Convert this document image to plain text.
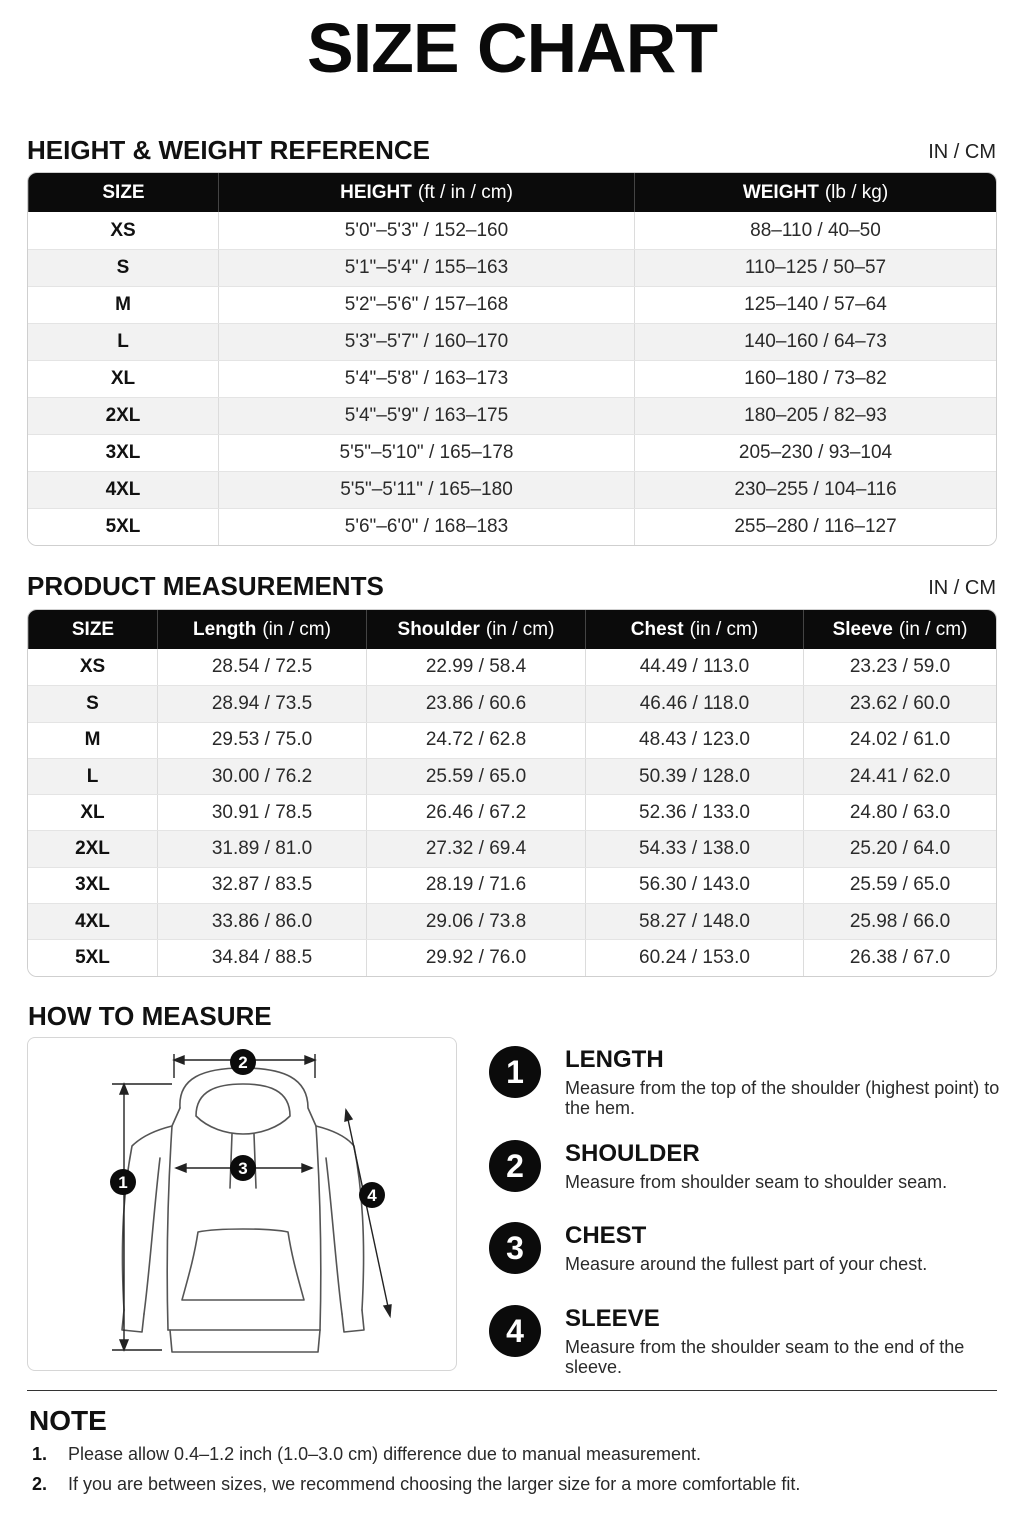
SIZE CHART
HEIGHT & WEIGHT REFERENCE	IN / CM
SIZE	HEIGHT (ft / in / cm)	WEIGHT (lb / kg)
XS	5'0"–5'3" / 152–160	88–110 / 40–50
S	5'1"–5'4" / 155–163	110–125 / 50–57
M	5'2"–5'6" / 157–168	125–140 / 57–64
L	5'3"–5'7" / 160–170	140–160 / 64–73
XL	5'4"–5'8" / 163–173	160–180 / 73–82
2XL	5'4"–5'9" / 163–175	180–205 / 82–93
3XL	5'5"–5'10" / 165–178	205–230 / 93–104
4XL	5'5"–5'11" / 165–180	230–255 / 104–116
5XL	5'6"–6'0" / 168–183	255–280 / 116–127
PRODUCT MEASUREMENTS	IN / CM
SIZE	Length (in / cm)	Shoulder (in / cm)	Chest (in / cm)	Sleeve (in / cm)
XS	28.54 / 72.5	22.99 / 58.4	44.49 / 113.0	23.23 / 59.0
S	28.94 / 73.5	23.86 / 60.6	46.46 / 118.0	23.62 / 60.0
M	29.53 / 75.0	24.72 / 62.8	48.43 / 123.0	24.02 / 61.0
L	30.00 / 76.2	25.59 / 65.0	50.39 / 128.0	24.41 / 62.0
XL	30.91 / 78.5	26.46 / 67.2	52.36 / 133.0	24.80 / 63.0
2XL	31.89 / 81.0	27.32 / 69.4	54.33 / 138.0	25.20 / 64.0
3XL	32.87 / 83.5	28.19 / 71.6	56.30 / 143.0	25.59 / 65.0
4XL	33.86 / 86.0	29.06 / 73.8	58.27 / 148.0	25.98 / 66.0
5XL	34.84 / 88.5	29.92 / 76.0	60.24 / 153.0	26.38 / 67.0
HOW TO MEASURE
2
1
3
4
1	LENGTH
Measure from the top of the shoulder (highest point) to the hem.
2	SHOULDER
Measure from shoulder seam to shoulder seam.
3	CHEST
Measure around the fullest part of your chest.
4	SLEEVE
Measure from the shoulder seam to the end of the sleeve.
NOTE
1.	Please allow 0.4–1.2 inch (1.0–3.0 cm) difference due to manual measurement.
2.	If you are between sizes, we recommend choosing the larger size for a more comfortable fit.
